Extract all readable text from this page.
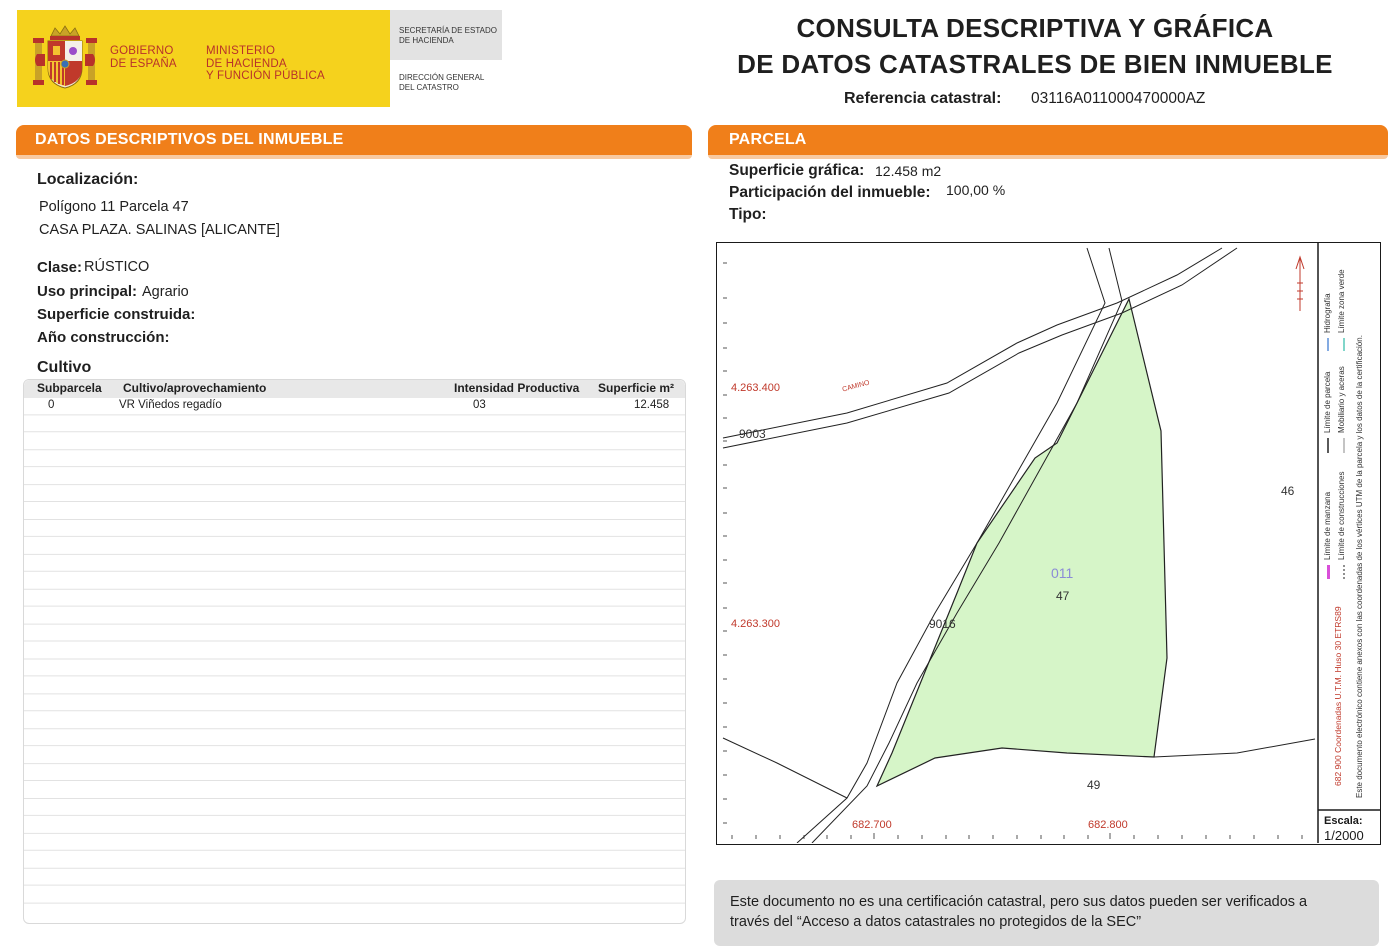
GOBIERNO
DE ESPAÑA
MINISTERIO
DE HACIENDA
Y FUNCIÓN PÚBLICA
SECRETARÍA DE ESTADO
DE HACIENDA
DIRECCIÓN GENERAL
DEL CATASTRO
CONSULTA DESCRIPTIVA Y GRÁFICA
DE DATOS CATASTRALES DE BIEN INMUEBLE
Referencia catastral: 03116A011000470000AZ
DATOS DESCRIPTIVOS DEL INMUEBLE
Localización:
Polígono 11 Parcela 47
CASA PLAZA. SALINAS [ALICANTE]
Clase: RÚSTICO
Uso principal: Agrario
Superficie construida:
Año construcción:
Cultivo
Subparcela Cultivo/aprovechamiento	Intensidad Productiva Superficie m²
0	VR Viñedos regadío	03	12.458
PARCELA
Superficie gráfica: 12.458 m2
Participación del inmueble: 100,00 %
Tipo:
4.263.400
4.263.300
682.700	682.800
CAMINO
9003
9016
46
011
47
49
1/2000
Escala:
682 900 Coordenadas U.T.M. Huso 30 ETRS89
Límite de manzana
Límite de parcela
Hidrografía
Límite de construcciones
Mobiliario y aceras
Límite zona verde
Este documento electrónico contiene anexos con las coordenadas de los vértices UTM de la parcela y los datos de la certificación.
Este documento no es una certificación catastral, pero sus datos pueden ser verificados a
través del “Acceso a datos catastrales no protegidos de la SEC”
